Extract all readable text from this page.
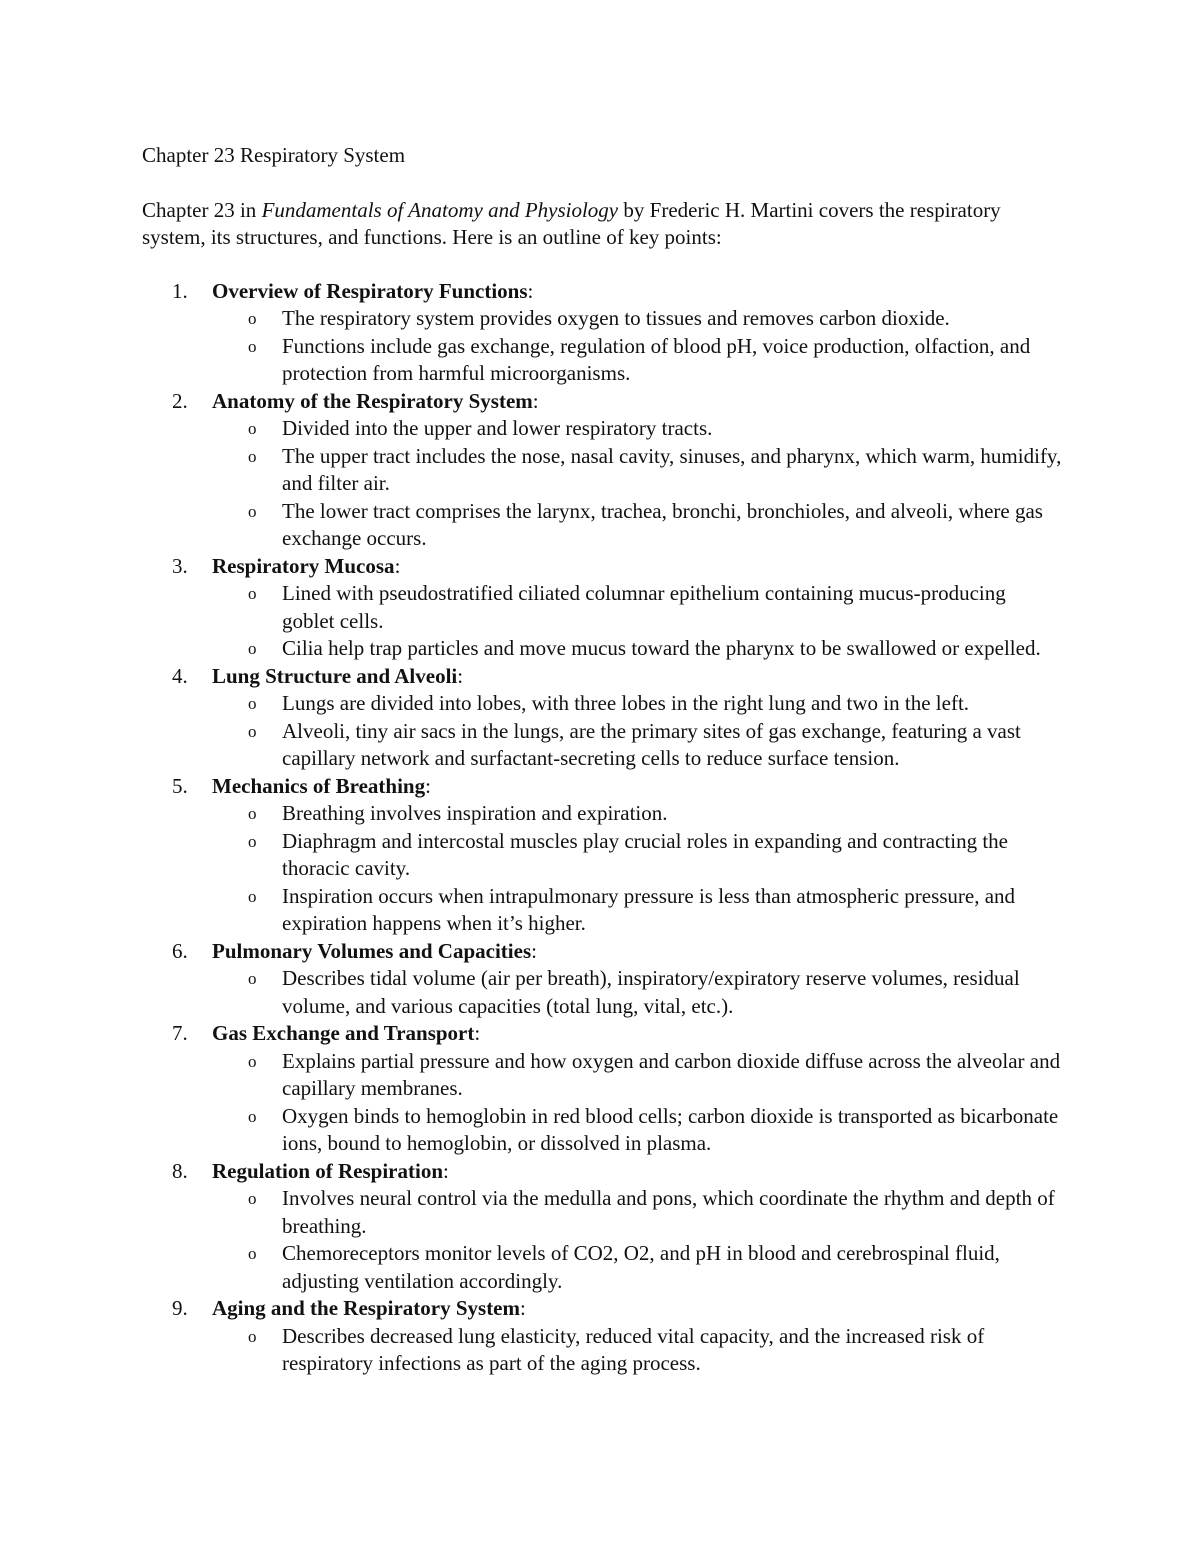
Chapter 23 Respiratory System

Chapter 23 in Fundamentals of Anatomy and Physiology by Frederic H. Martini covers the respiratory system, its structures, and functions. Here is an outline of key points:

1.	Overview of Respiratory Functions:
o The respiratory system provides oxygen to tissues and removes carbon dioxide.
o Functions include gas exchange, regulation of blood pH, voice production, olfaction, and protection from harmful microorganisms.
2.	Anatomy of the Respiratory System:
o Divided into the upper and lower respiratory tracts.
o The upper tract includes the nose, nasal cavity, sinuses, and pharynx, which warm, humidify, and filter air.
o The lower tract comprises the larynx, trachea, bronchi, bronchioles, and alveoli, where gas exchange occurs.
3.	Respiratory Mucosa:
o Lined with pseudostratified ciliated columnar epithelium containing mucus-producing goblet cells.
o Cilia help trap particles and move mucus toward the pharynx to be swallowed or expelled.
4.	Lung Structure and Alveoli:
o Lungs are divided into lobes, with three lobes in the right lung and two in the left.
o Alveoli, tiny air sacs in the lungs, are the primary sites of gas exchange, featuring a vast capillary network and surfactant-secreting cells to reduce surface tension.
5.	Mechanics of Breathing:
o Breathing involves inspiration and expiration.
o Diaphragm and intercostal muscles play crucial roles in expanding and contracting the thoracic cavity.
o Inspiration occurs when intrapulmonary pressure is less than atmospheric pressure, and expiration happens when it’s higher.
6.	Pulmonary Volumes and Capacities:
o Describes tidal volume (air per breath), inspiratory/expiratory reserve volumes, residual volume, and various capacities (total lung, vital, etc.).
7.	Gas Exchange and Transport:
o Explains partial pressure and how oxygen and carbon dioxide diffuse across the alveolar and capillary membranes.
o Oxygen binds to hemoglobin in red blood cells; carbon dioxide is transported as bicarbonate ions, bound to hemoglobin, or dissolved in plasma.
8.	Regulation of Respiration:
o Involves neural control via the medulla and pons, which coordinate the rhythm and depth of breathing.
o Chemoreceptors monitor levels of CO2, O2, and pH in blood and cerebrospinal fluid, adjusting ventilation accordingly.
9.	Aging and the Respiratory System:
o Describes decreased lung elasticity, reduced vital capacity, and the increased risk of respiratory infections as part of the aging process.
